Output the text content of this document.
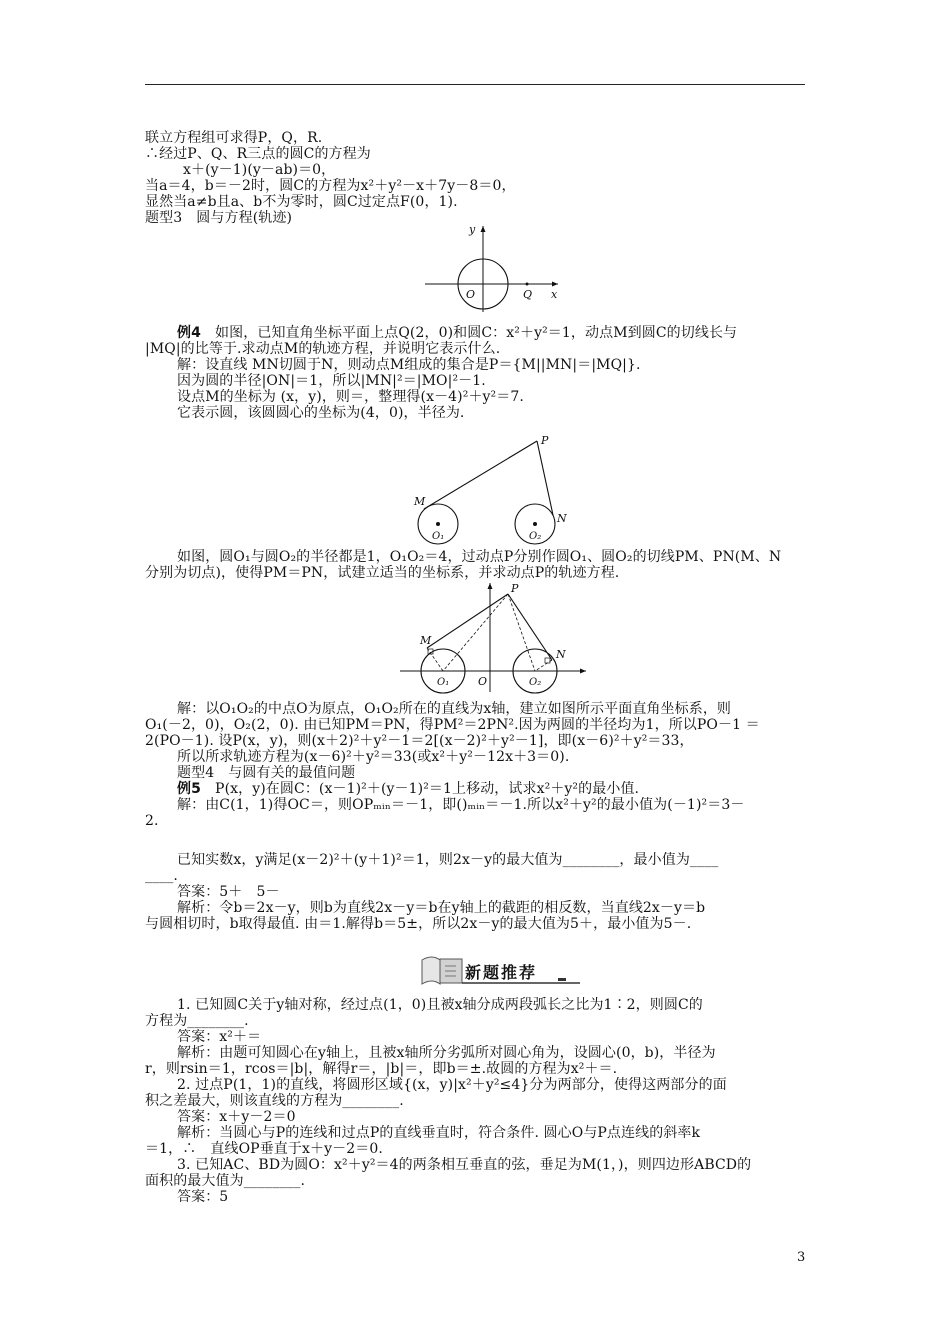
联立方程组可求得P，Q，R.
∴经过P、Q、R三点的圆C的方程为
x＋(y－1)(y－ab)＝0，
当a＝4，b＝－2时，圆C的方程为x²＋y²－x＋7y－8＝0，
显然当a≠b且a、b不为零时，圆C过定点F(0，1).
题型3　圆与方程(轨迹)
y
x
O	Q
例4　如图，已知直角坐标平面上点Q(2，0)和圆C：x²＋y²＝1，动点M到圆C的切线长与
|MQ|的比等于.求动点M的轨迹方程，并说明它表示什么.
解：设直线 MN切圆于N，则动点M组成的集合是P＝{M||MN|＝|MQ|}.
因为圆的半径|ON|＝1，所以|MN|²＝|MO|²－1.
设点M的坐标为 (x，y)，则＝，整理得(x－4)²＋y²＝7.
它表示圆，该圆圆心的坐标为(4，0)，半径为.
P
M
N
O₁	O₂
如图，圆O₁与圆O₂的半径都是1，O₁O₂＝4，过动点P分别作圆O₁、圆O₂的切线PM、PN(M、N
分别为切点)，使得PM＝PN，试建立适当的坐标系，并求动点P的轨迹方程.
P
M
N
O₁	O₂
O
解：以O₁O₂的中点O为原点，O₁O₂所在的直线为x轴，建立如图所示平面直角坐标系，则
O₁(－2，0)，O₂(2，0). 由已知PM＝PN，得PM²＝2PN².因为两圆的半径均为1，所以PO－1 ＝
2(PO－1). 设P(x，y)，则(x＋2)²＋y²－1＝2[(x－2)²＋y²－1]，即(x－6)²＋y²＝33，
所以所求轨迹方程为(x－6)²＋y²＝33(或x²＋y²－12x＋3＝0).
题型4　与圆有关的最值问题
例5　P(x，y)在圆C：(x－1)²＋(y－1)²＝1上移动，试求x²＋y²的最小值.
解：由C(1，1)得OC＝，则OPₘᵢₙ＝－1，即()ₘᵢₙ＝－1.所以x²＋y²的最小值为(－1)²＝3－
2.
已知实数x，y满足(x－2)²＋(y＋1)²＝1，则2x－y的最大值为________，最小值为____
____.
答案：5＋　5－
解析：令b＝2x－y，则b为直线2x－y＝b在y轴上的截距的相反数，当直线2x－y＝b
与圆相切时，b取得最值. 由＝1.解得b＝5±，所以2x－y的最大值为5＋，最小值为5－.
新题推荐
1. 已知圆C关于y轴对称，经过点(1，0)且被x轴分成两段弧长之比为1∶2，则圆C的
方程为________.
答案：x²＋＝
解析：由题可知圆心在y轴上，且被x轴所分劣弧所对圆心角为，设圆心(0，b)，半径为
r，则rsin＝1，rcos＝|b|，解得r＝，|b|＝，即b＝±.故圆的方程为x²＋＝.
2. 过点P(1，1)的直线，将圆形区域{(x，y)|x²＋y²≤4}分为两部分，使得这两部分的面
积之差最大，则该直线的方程为________.
答案：x＋y－2＝0
解析：当圆心与P的连线和过点P的直线垂直时，符合条件. 圆心O与P点连线的斜率k
＝1，∴　直线OP垂直于x＋y－2＝0.
3. 已知AC、BD为圆O：x²＋y²＝4的两条相互垂直的弦，垂足为M(1，)，则四边形ABCD的
面积的最大值为________.
答案：5
3
